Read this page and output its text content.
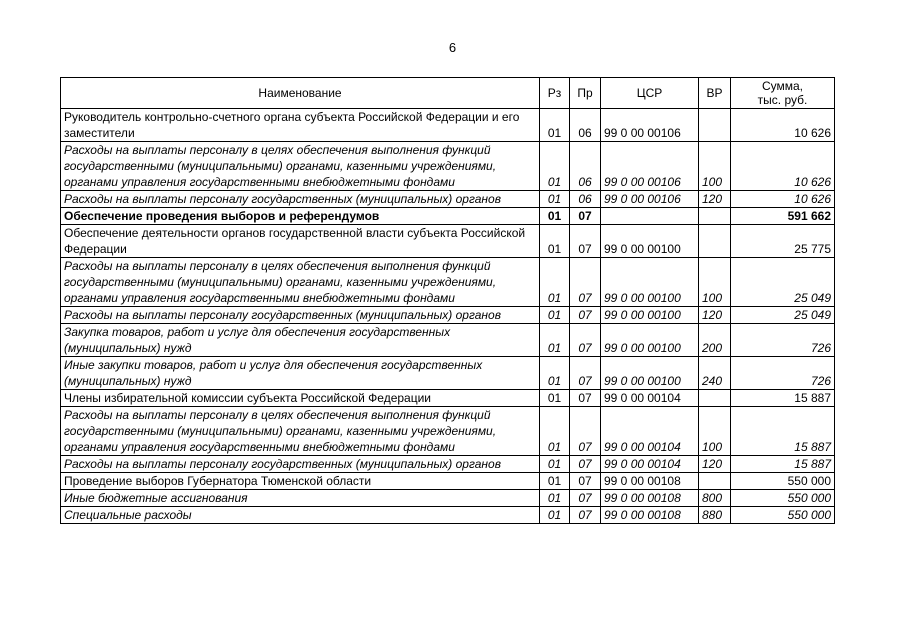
6
Наименование	Рз	Пр	ЦСР	ВР	Сумма,
тыс. руб.
Руководитель контрольно-счетного органа субъекта Российской Федерации и его заместители	01	06	99 0 00 00106		10 626
Расходы на выплаты персоналу в целях обеспечения выполнения функций государственными (муниципальными) органами, казенными учреждениями, органами управления государственными внебюджетными фондами	01	06	99 0 00 00106	100	10 626
Расходы на выплаты персоналу государственных (муниципальных) органов	01	06	99 0 00 00106	120	10 626
Обеспечение проведения выборов и референдумов	01	07			591 662
Обеспечение деятельности органов государственной власти субъекта Российской Федерации	01	07	99 0 00 00100		25 775
Расходы на выплаты персоналу в целях обеспечения выполнения функций государственными (муниципальными) органами, казенными учреждениями, органами управления государственными внебюджетными фондами	01	07	99 0 00 00100	100	25 049
Расходы на выплаты персоналу государственных (муниципальных) органов	01	07	99 0 00 00100	120	25 049
Закупка товаров, работ и услуг для обеспечения государственных (муниципальных) нужд	01	07	99 0 00 00100	200	726
Иные закупки товаров, работ и услуг для обеспечения государственных (муниципальных) нужд	01	07	99 0 00 00100	240	726
Члены избирательной комиссии субъекта Российской Федерации	01	07	99 0 00 00104		15 887
Расходы на выплаты персоналу в целях обеспечения выполнения функций государственными (муниципальными) органами, казенными учреждениями, органами управления государственными внебюджетными фондами	01	07	99 0 00 00104	100	15 887
Расходы на выплаты персоналу государственных (муниципальных) органов	01	07	99 0 00 00104	120	15 887
Проведение выборов Губернатора Тюменской области	01	07	99 0 00 00108		550 000
Иные бюджетные ассигнования	01	07	99 0 00 00108	800	550 000
Специальные расходы	01	07	99 0 00 00108	880	550 000
